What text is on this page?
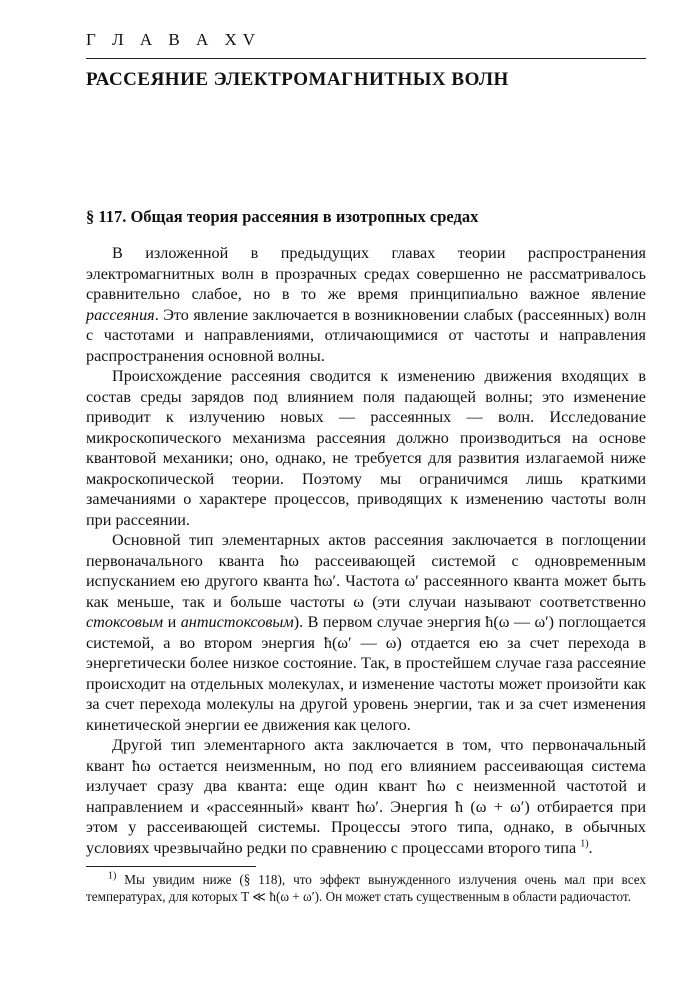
Г Л А В А XV
РАССЕЯНИЕ ЭЛЕКТРОМАГНИТНЫХ ВОЛН
§ 117. Общая теория рассеяния в изотропных средах

В изложенной в предыдущих главах теории распространения электромагнитных волн в прозрачных средах совершенно не рассматривалось сравнительно слабое, но в то же время принципиально важное явление рассеяния. Это явление заключается в возникновении слабых (рассеянных) волн с частотами и направлениями, отличающимися от частоты и направления распространения основной волны.

Происхождение рассеяния сводится к изменению движения входящих в состав среды зарядов под влиянием поля падающей волны; это изменение приводит к излучению новых — рассеянных — волн. Исследование микроскопического механизма рассеяния должно производиться на основе квантовой механики; оно, однако, не требуется для развития излагаемой ниже макроскопической теории. Поэтому мы ограничимся лишь краткими замечаниями о характере процессов, приводящих к изменению частоты волн при рассеянии.

Основной тип элементарных актов рассеяния заключается в поглощении первоначального кванта ħω рассеивающей системой с одновременным испусканием ею другого кванта ħω′. Частота ω′ рассеянного кванта может быть как меньше, так и больше частоты ω (эти случаи называют соответственно стоксовым и антистоксовым). В первом случае энергия ħ(ω — ω′) поглощается системой, а во втором энергия ħ(ω′ — ω) отдается ею за счет перехода в энергетически более низкое состояние. Так, в простейшем случае газа рассеяние происходит на отдельных молекулах, и изменение частоты может произойти как за счет перехода молекулы на другой уровень энергии, так и за счет изменения кинетической энергии ее движения как целого.

Другой тип элементарного акта заключается в том, что первоначальный квант ħω остается неизменным, но под его влиянием рассеивающая система излучает сразу два кванта: еще один квант ħω с неизменной частотой и направлением и «рассеянный» квант ħω′. Энергия ħ (ω + ω′) отбирается при этом у рассеивающей системы. Процессы этого типа, однако, в обычных условиях чрезвычайно редки по сравнению с процессами второго типа $^{1)}$.

$^{1)}$ Мы увидим ниже (§ 118), что эффект вынужденного излучения очень мал при всех температурах, для которых T ≪ ħ(ω + ω′). Он может стать существенным в области радиочастот.
